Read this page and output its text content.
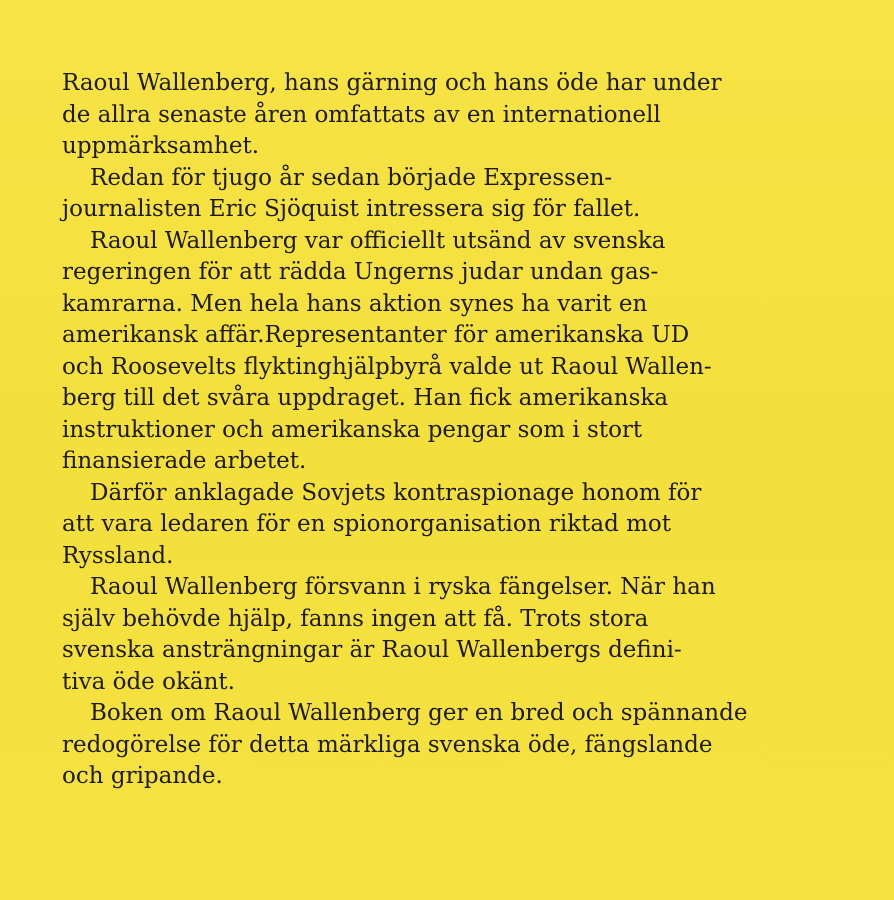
Raoul Wallenberg, hans gärning och hans öde har under
de allra senaste åren omfattats av en internationell
uppmärksamhet.

Redan för tjugo år sedan började Expressen-
journalisten Eric Sjöquist intressera sig för fallet.

Raoul Wallenberg var officiellt utsänd av svenska
regeringen för att rädda Ungerns judar undan gas-
kamrarna. Men hela hans aktion synes ha varit en
amerikansk affär.Representanter för amerikanska UD
och Roosevelts flyktinghjälpbyrå valde ut Raoul Wallen-
berg till det svåra uppdraget. Han fick amerikanska
instruktioner och amerikanska pengar som i stort
finansierade arbetet.

Därför anklagade Sovjets kontraspionage honom för
att vara ledaren för en spionorganisation riktad mot
Ryssland.

Raoul Wallenberg försvann i ryska fängelser. När han
själv behövde hjälp, fanns ingen att få. Trots stora
svenska ansträngningar är Raoul Wallenbergs defini-
tiva öde okänt.

Boken om Raoul Wallenberg ger en bred och spännande
redogörelse för detta märkliga svenska öde, fängslande
och gripande.
